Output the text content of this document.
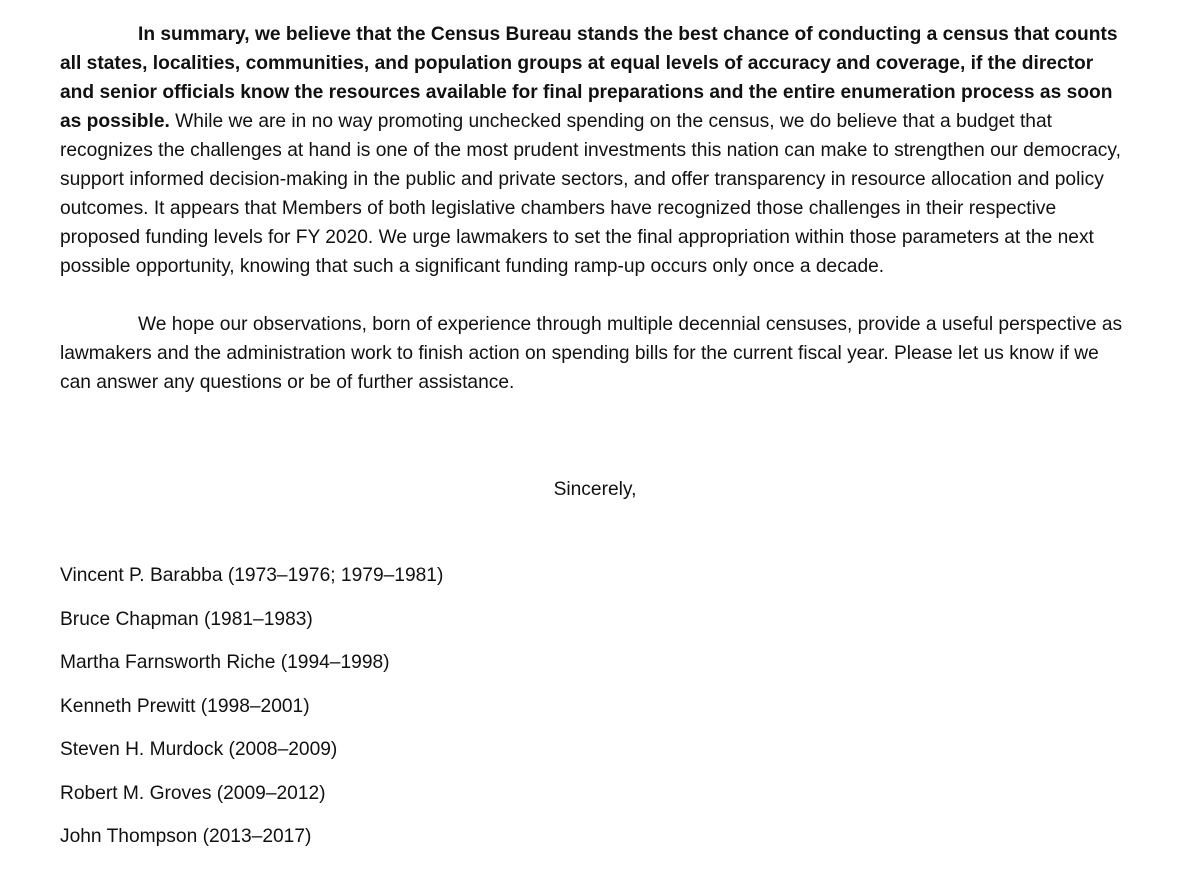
In summary, we believe that the Census Bureau stands the best chance of conducting a census that counts all states, localities, communities, and population groups at equal levels of accuracy and coverage, if the director and senior officials know the resources available for final preparations and the entire enumeration process as soon as possible. While we are in no way promoting unchecked spending on the census, we do believe that a budget that recognizes the challenges at hand is one of the most prudent investments this nation can make to strengthen our democracy, support informed decision-making in the public and private sectors, and offer transparency in resource allocation and policy outcomes. It appears that Members of both legislative chambers have recognized those challenges in their respective proposed funding levels for FY 2020. We urge lawmakers to set the final appropriation within those parameters at the next possible opportunity, knowing that such a significant funding ramp-up occurs only once a decade.

We hope our observations, born of experience through multiple decennial censuses, provide a useful perspective as lawmakers and the administration work to finish action on spending bills for the current fiscal year. Please let us know if we can answer any questions or be of further assistance.

Sincerely,

Vincent P. Barabba (1973–1976; 1979–1981)
Bruce Chapman (1981–1983)
Martha Farnsworth Riche (1994–1998)
Kenneth Prewitt (1998–2001)
Steven H. Murdock (2008–2009)
Robert M. Groves (2009–2012)
John Thompson (2013–2017)
